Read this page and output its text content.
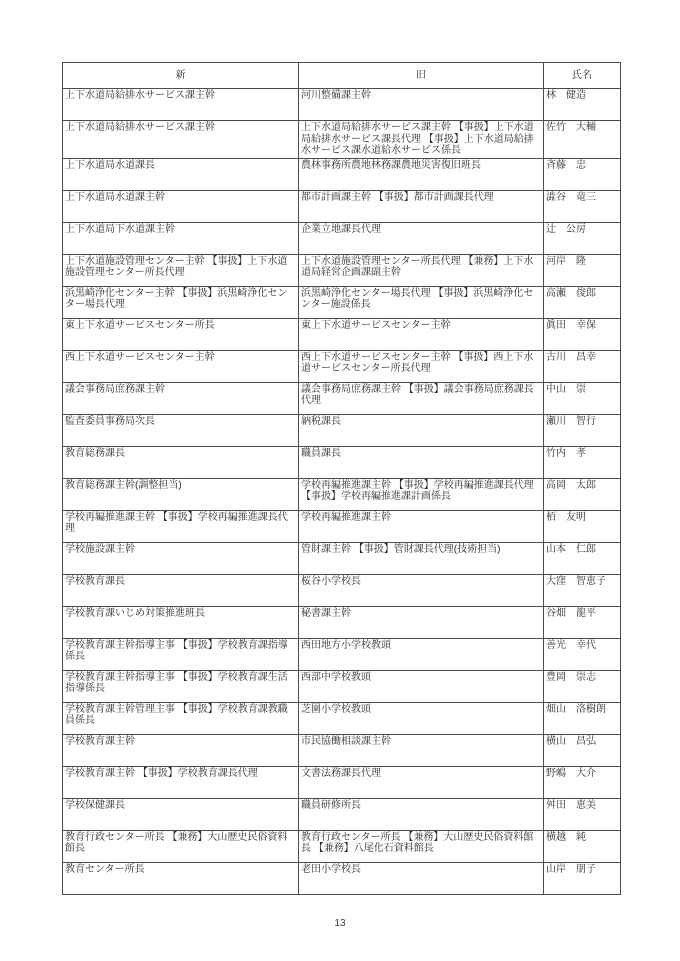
新	旧	氏名
上下水道局給排水サービス課主幹	河川整備課主幹	林　健造
上下水道局給排水サービス課主幹	上下水道局給排水サービス課主幹 【事扱】上下水道局給排水サービス課長代理 【事扱】上下水道局給排水サービス課水道給水サービス係長	佐竹　大輔
上下水道局水道課長	農林事務所農地林務課農地災害復旧班長	斉藤　忠
上下水道局水道課主幹	都市計画課主幹 【事扱】都市計画課長代理	澁谷　竜三
上下水道局下水道課主幹	企業立地課長代理	辻　公房
上下水道施設管理センター主幹 【事扱】上下水道施設管理センター所長代理	上下水道施設管理センター所長代理 【兼務】上下水道局経営企画課副主幹	河岸　隆
浜黒崎浄化センター主幹 【事扱】浜黒崎浄化センター場長代理	浜黒崎浄化センター場長代理 【事扱】浜黒崎浄化センター施設係長	高瀬　俊郎
東上下水道サービスセンター所長	東上下水道サービスセンター主幹	眞田　幸保
西上下水道サービスセンター主幹	西上下水道サービスセンター主幹 【事扱】西上下水道サービスセンター所長代理	古川　昌幸
議会事務局庶務課主幹	議会事務局庶務課主幹 【事扱】議会事務局庶務課長代理	中山　崇
監査委員事務局次長	納税課長	瀬川　智行
教育総務課長	職員課長	竹内　孝
教育総務課主幹(調整担当)	学校再編推進課主幹 【事扱】学校再編推進課長代理 【事扱】学校再編推進課計画係長	高岡　太郎
学校再編推進課主幹 【事扱】学校再編推進課長代理	学校再編推進課主幹	栢　友明
学校施設課主幹	管財課主幹 【事扱】管財課長代理(技術担当)	山本　仁郎
学校教育課長	桜谷小学校長	大窪　智恵子
学校教育課いじめ対策推進班長	秘書課主幹	谷畑　龍平
学校教育課主幹指導主事 【事扱】学校教育課指導係長	西田地方小学校教頭	善光　幸代
学校教育課主幹指導主事 【事扱】学校教育課生活指導係長	西部中学校教頭	豊岡　崇志
学校教育課主幹管理主事 【事扱】学校教育課教職員係長	芝園小学校教頭	畑山　洛樹朗
学校教育課主幹	市民協働相談課主幹	横山　昌弘
学校教育課主幹 【事扱】学校教育課長代理	文書法務課長代理	野嶋　大介
学校保健課長	職員研修所長	舛田　恵美
教育行政センター所長 【兼務】大山歴史民俗資料館長	教育行政センター所長 【兼務】大山歴史民俗資料館長 【兼務】八尾化石資料館長	横越　純
教育センター所長	老田小学校長	山岸　朋子
13
